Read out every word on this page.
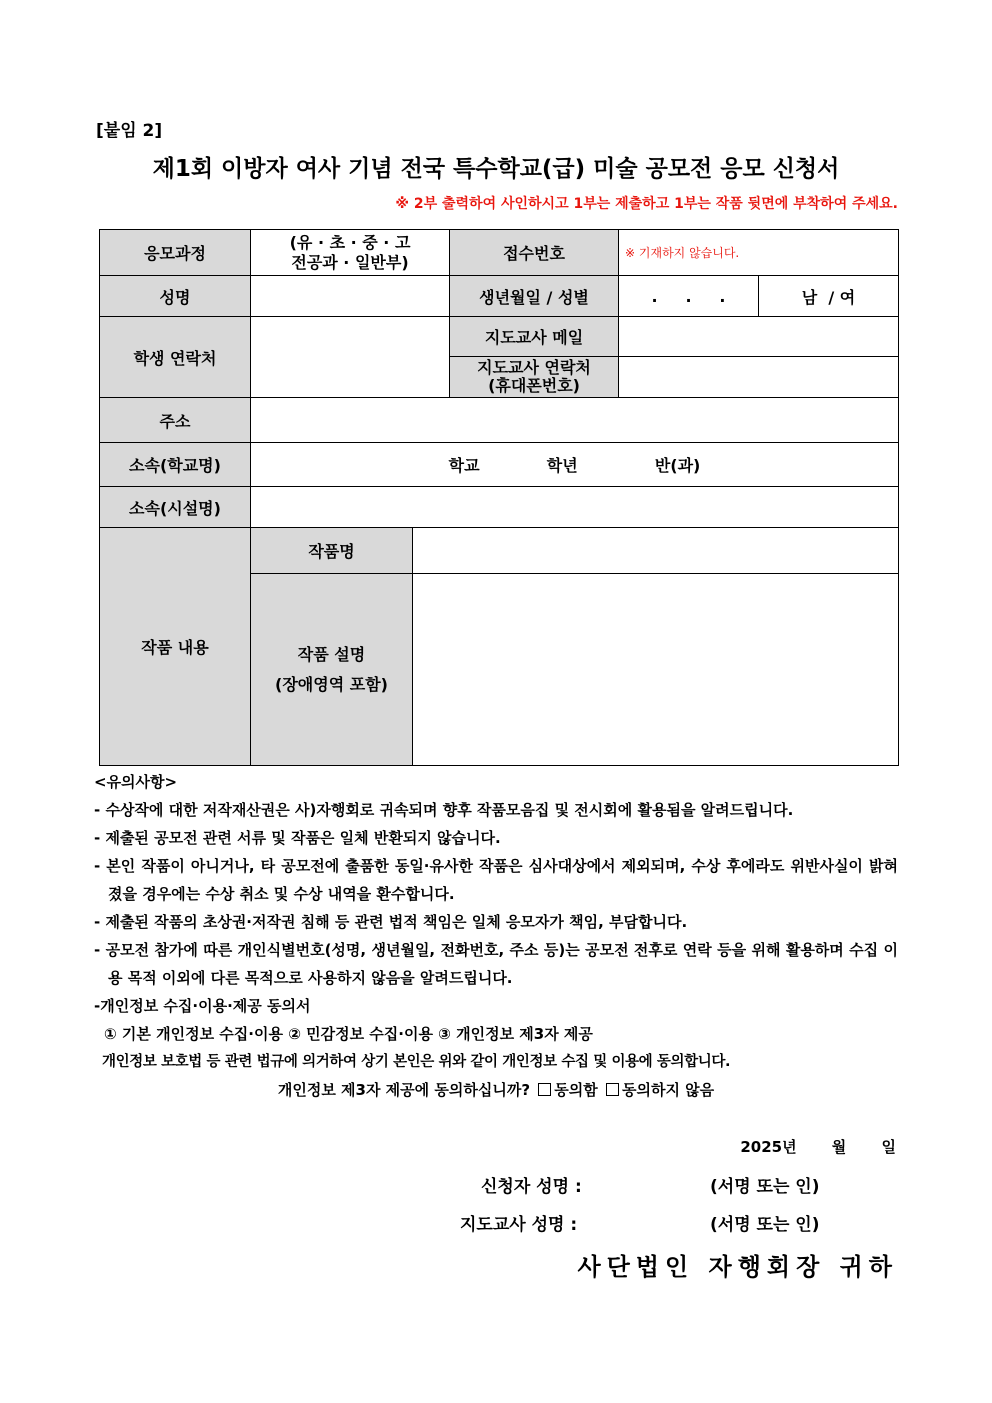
[붙임 2]
제1회 이방자 여사 기념 전국 특수학교(급) 미술 공모전 응모 신청서
※ 2부 출력하여 사인하시고 1부는 제출하고 1부는 작품 뒷면에 부착하여 주세요.
응모과정	(유 · 초 · 중 · 고
전공과 · 일반부)		접수번호	※ 기재하지 않습니다.	
성명			생년월일 / 성별	.     .     .	남  / 여
학생 연락처			지도교사 메일		

			지도교사 연락처
(휴대폰번호)		

주소					
소속(학교명)	학교 학년 반(과)				
소속(시설명)					
작품 내용	작품명				

	작품 설명
(장애영역 포함)				

<유의사항>

- 수상작에 대한 저작재산권은 사)자행회로 귀속되며 향후 작품모음집 및 전시회에 활용됨을 알려드립니다.

- 제출된 공모전 관련 서류 및 작품은 일체 반환되지 않습니다.

- 본인 작품이 아니거나, 타 공모전에 출품한 동일·유사한 작품은 심사대상에서 제외되며, 수상 후에라도 위반사실이 밝혀졌을 경우에는 수상 취소 및 수상 내역을 환수합니다.

- 제출된 작품의 초상권·저작권 침해 등 관련 법적 책임은 일체 응모자가 책임, 부담합니다.

- 공모전 참가에 따른 개인식별번호(성명, 생년월일, 전화번호, 주소 등)는 공모전 전후로 연락 등을 위해 활용하며 수집 이용 목적 이외에 다른 목적으로 사용하지 않음을 알려드립니다.

-개인정보 수집·이용·제공 동의서

① 기본 개인정보 수집·이용 ② 민감정보 수집·이용 ③ 개인정보 제3자 제공

개인정보 보호법 등 관련 법규에 의거하여 상기 본인은 위와 같이 개인정보 수집 및 이용에 동의합니다.

개인정보 제3자 제공에 동의하십니까? 동의함 동의하지 않음

2025년 월 일
신청자 성명 :	(서명 또는 인)
지도교사 성명 :	(서명 또는 인)
사단법인 자행회장 귀하
